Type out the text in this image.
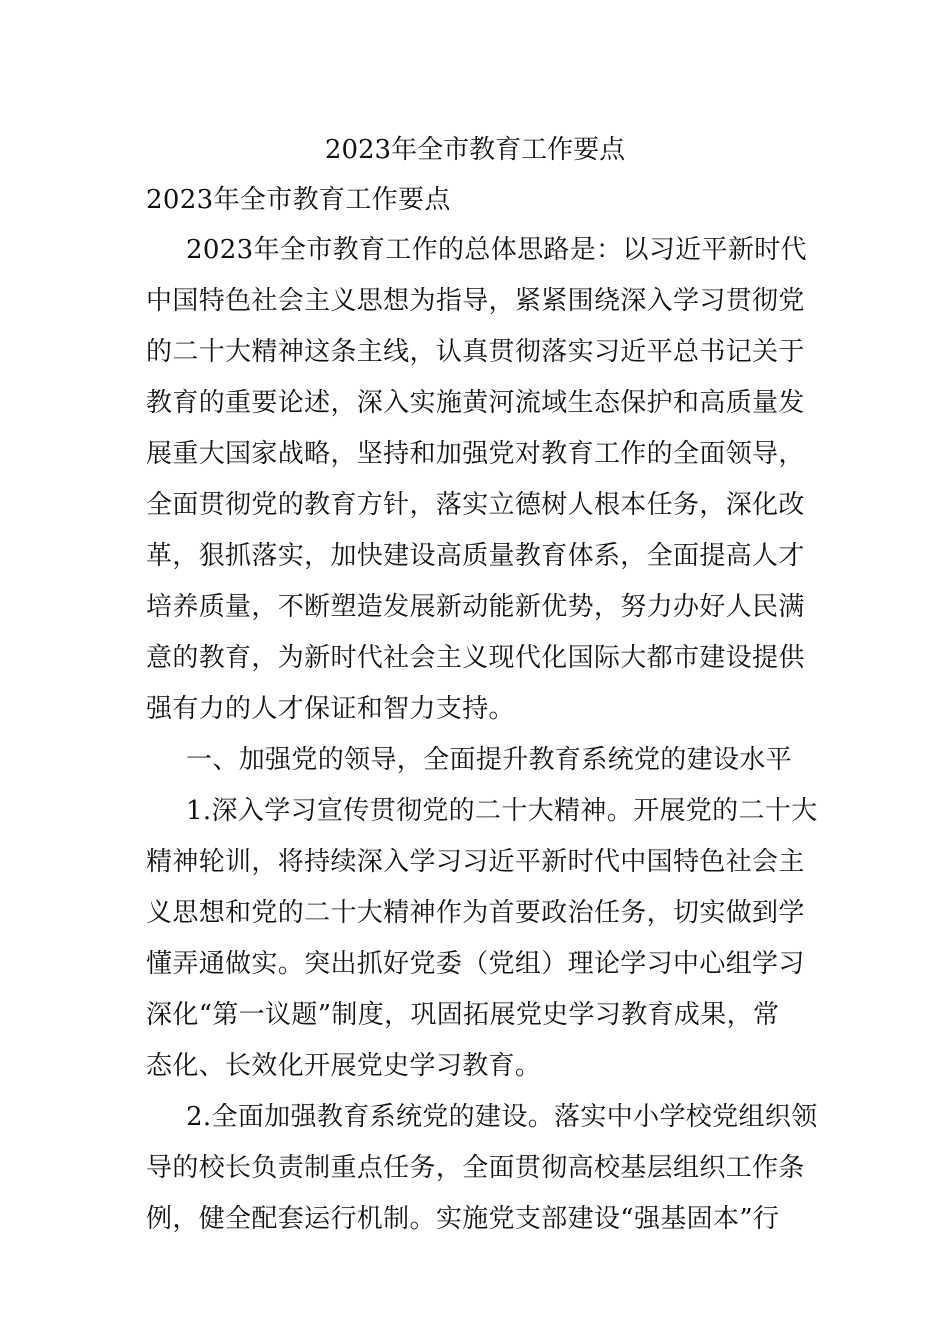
2023年全市教育工作要点
2023年全市教育工作要点
2023年全市教育工作的总体思路是：以习近平新时代
中国特色社会主义思想为指导，紧紧围绕深入学习贯彻党
的二十大精神这条主线，认真贯彻落实习近平总书记关于
教育的重要论述，深入实施黄河流域生态保护和高质量发
展重大国家战略，坚持和加强党对教育工作的全面领导，
全面贯彻党的教育方针，落实立德树人根本任务，深化改
革，狠抓落实，加快建设高质量教育体系，全面提高人才
培养质量，不断塑造发展新动能新优势，努力办好人民满
意的教育，为新时代社会主义现代化国际大都市建设提供
强有力的人才保证和智力支持。
一、加强党的领导，全面提升教育系统党的建设水平
1.深入学习宣传贯彻党的二十大精神。开展党的二十大
精神轮训，将持续深入学习习近平新时代中国特色社会主
义思想和党的二十大精神作为首要政治任务，切实做到学
懂弄通做实。突出抓好党委（党组）理论学习中心组学习
深化“第一议题”制度，巩固拓展党史学习教育成果，常
态化、长效化开展党史学习教育。
2.全面加强教育系统党的建设。落实中小学校党组织领
导的校长负责制重点任务，全面贯彻高校基层组织工作条
例，健全配套运行机制。实施党支部建设“强基固本”行
